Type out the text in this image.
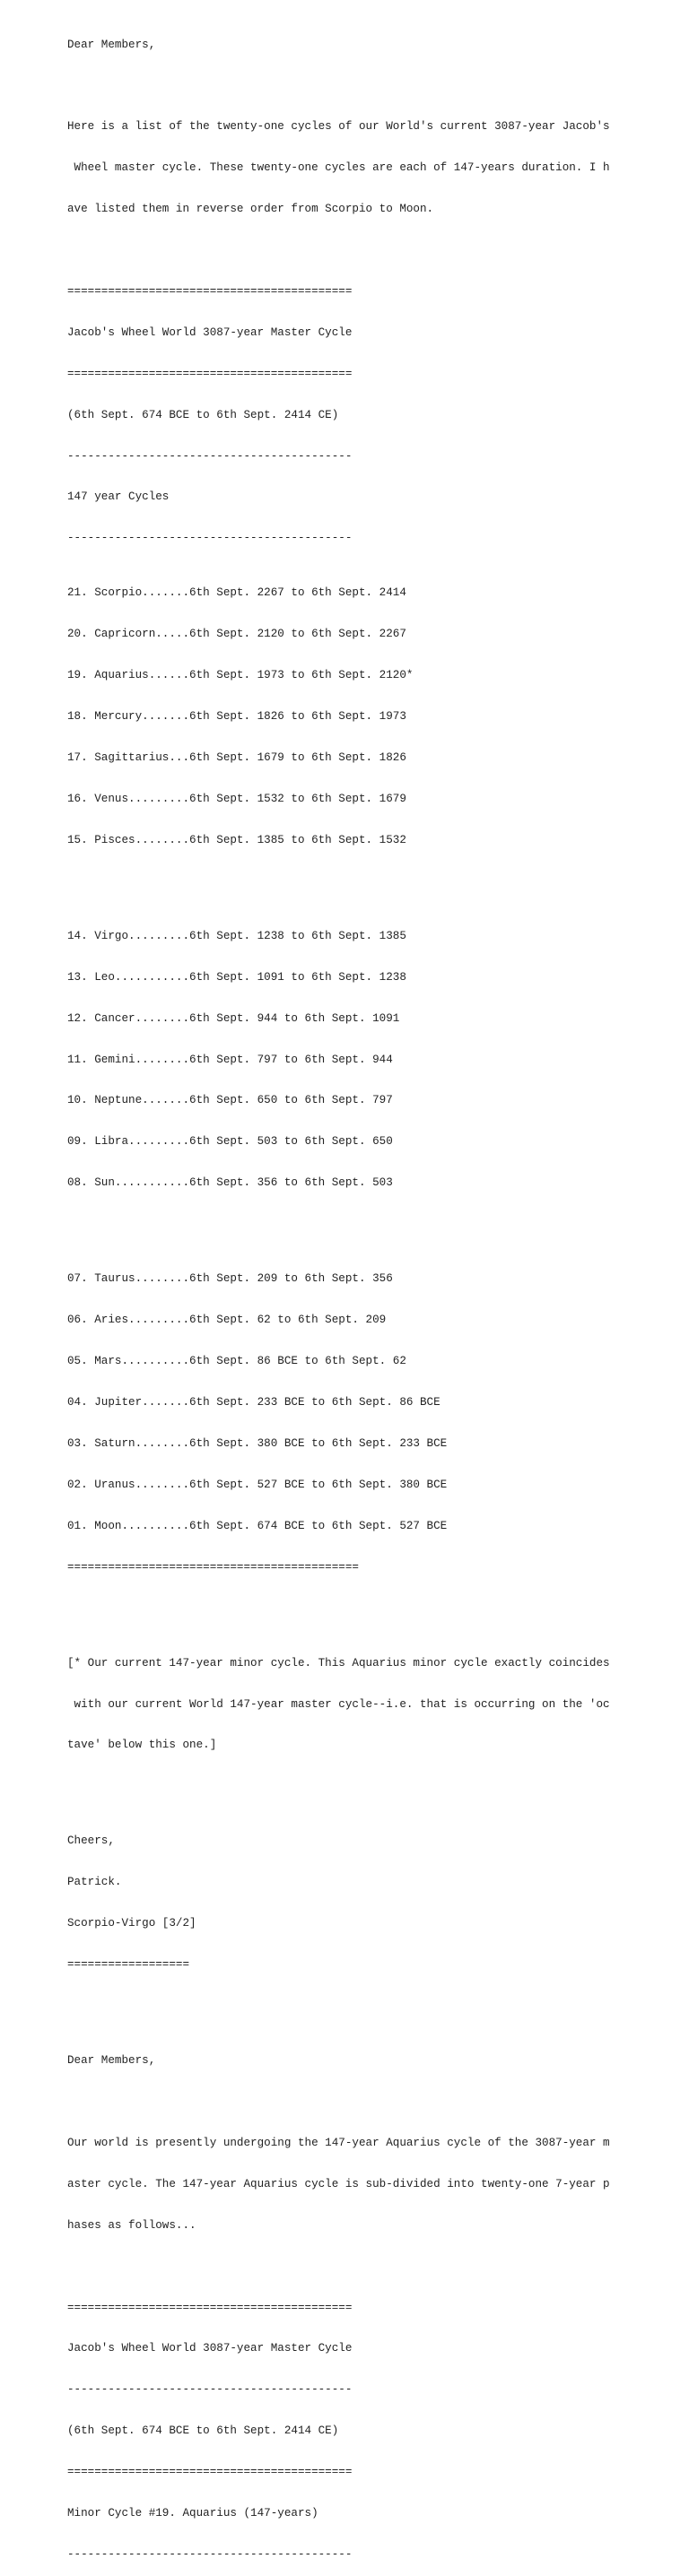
Dear Members,

Here is a list of the twenty-one cycles of our World's current 3087-year Jacob's

Wheel master cycle. These twenty-one cycles are each of 147-years duration. I h

ave listed them in reverse order from Scorpio to Moon.

==========================================

Jacob's Wheel World 3087-year Master Cycle

==========================================

(6th Sept. 674 BCE to 6th Sept. 2414 CE)

------------------------------------------

147 year Cycles

------------------------------------------

21. Scorpio.......6th Sept. 2267 to 6th Sept. 2414

20. Capricorn.....6th Sept. 2120 to 6th Sept. 2267

19. Aquarius......6th Sept. 1973 to 6th Sept. 2120*

18. Mercury.......6th Sept. 1826 to 6th Sept. 1973

17. Sagittarius...6th Sept. 1679 to 6th Sept. 1826

16. Venus.........6th Sept. 1532 to 6th Sept. 1679

15. Pisces........6th Sept. 1385 to 6th Sept. 1532

14. Virgo.........6th Sept. 1238 to 6th Sept. 1385

13. Leo...........6th Sept. 1091 to 6th Sept. 1238

12. Cancer........6th Sept. 944 to 6th Sept. 1091

11. Gemini........6th Sept. 797 to 6th Sept. 944

10. Neptune.......6th Sept. 650 to 6th Sept. 797

09. Libra.........6th Sept. 503 to 6th Sept. 650

08. Sun...........6th Sept. 356 to 6th Sept. 503

07. Taurus........6th Sept. 209 to 6th Sept. 356

06. Aries.........6th Sept. 62 to 6th Sept. 209

05. Mars..........6th Sept. 86 BCE to 6th Sept. 62

04. Jupiter.......6th Sept. 233 BCE to 6th Sept. 86 BCE

03. Saturn........6th Sept. 380 BCE to 6th Sept. 233 BCE

02. Uranus........6th Sept. 527 BCE to 6th Sept. 380 BCE

01. Moon..........6th Sept. 674 BCE to 6th Sept. 527 BCE

===========================================

[* Our current 147-year minor cycle. This Aquarius minor cycle exactly coincides

with our current World 147-year master cycle--i.e. that is occurring on the 'oc

tave' below this one.]

Cheers,

Patrick.

Scorpio-Virgo [3/2]

==================

Dear Members,

Our world is presently undergoing the 147-year Aquarius cycle of the 3087-year m

aster cycle. The 147-year Aquarius cycle is sub-divided into twenty-one 7-year p

hases as follows...

==========================================

Jacob's Wheel World 3087-year Master Cycle

------------------------------------------

(6th Sept. 674 BCE to 6th Sept. 2414 CE)

==========================================

Minor Cycle #19. Aquarius (147-years)

------------------------------------------
